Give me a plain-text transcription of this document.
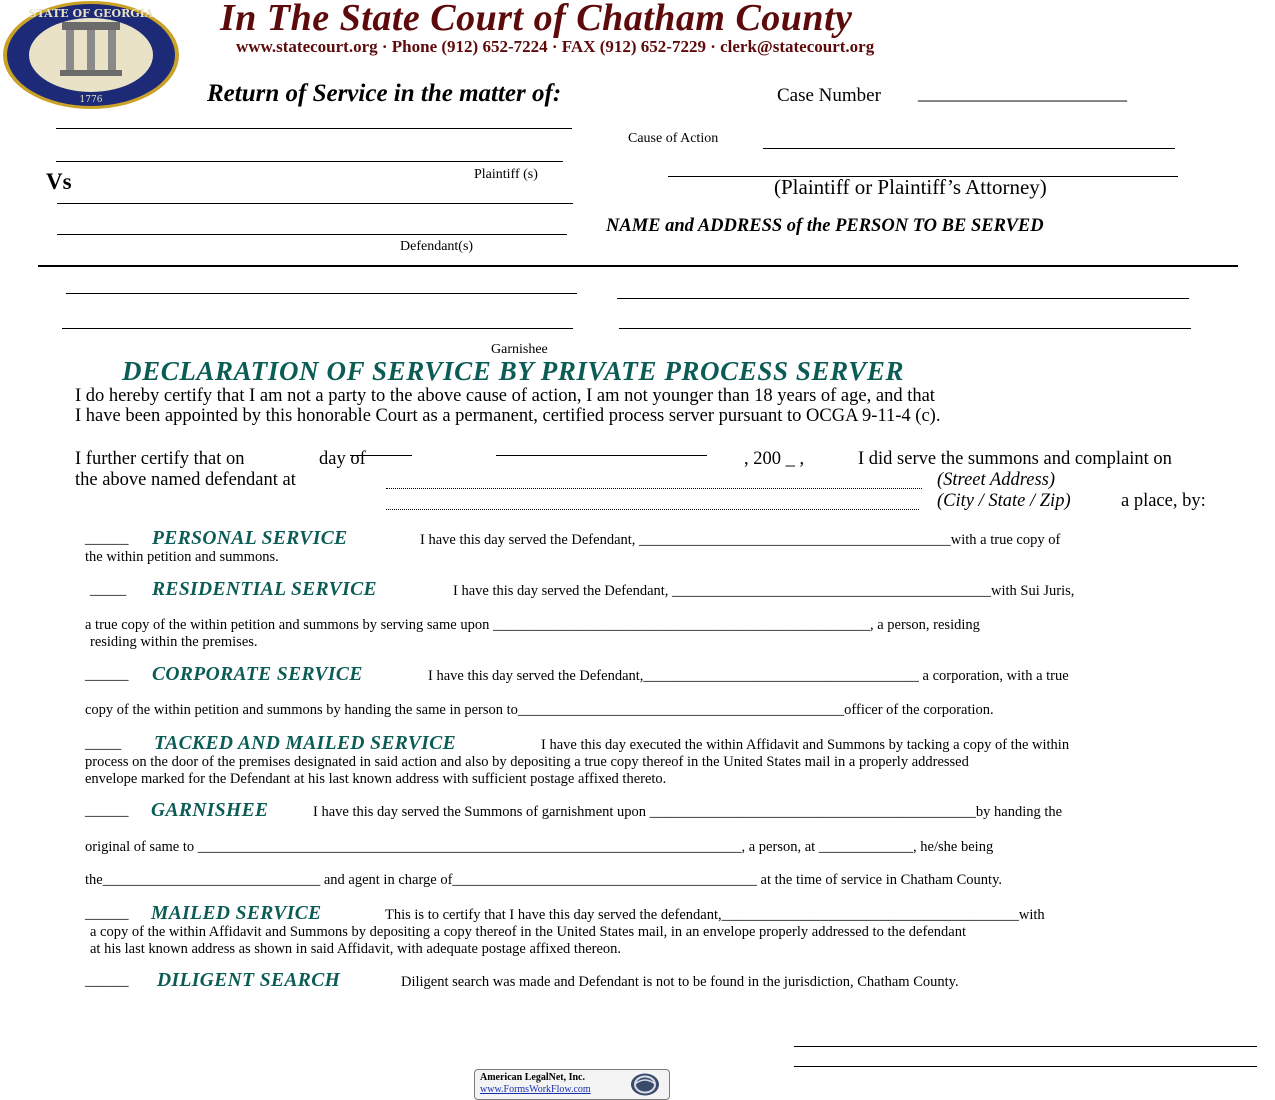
STATE OF GEORGIA
1776
In The State Court of Chatham County
www.statecourt.org · Phone (912) 652-7224 · FAX (912) 652-7229 · clerk@statecourt.org
Return of Service in the matter of:	Case Number ______________________
Plaintiff (s)
Vs
Defendant(s)
Cause of Action
(Plaintiff or Plaintiff’s Attorney)
NAME and ADDRESS of the PERSON TO BE SERVED
Garnishee
DECLARATION OF SERVICE BY PRIVATE PROCESS SERVER
I do hereby certify that I am not a party to the above cause of action, I am not younger than 18 years of age, and that
I have been appointed by this honorable Court as a permanent, certified process server pursuant to OCGA 9-11-4 (c).
I further certify that on	day of	, 200 _ ,	I did serve the summons and complaint on
the above named defendant at	(Street Address)
(City / State / Zip)	a place, by:
______ PERSONAL SERVICE	I have this day served the Defendant, ___________________________________________with a true copy of
the within petition and summons.
_____ RESIDENTIAL SERVICE	I have this day served the Defendant, ____________________________________________with Sui Juris,
a true copy of the within petition and summons by serving same upon ____________________________________________________, a person, residing
residing within the premises.
______ CORPORATE SERVICE	I have this day served the Defendant,______________________________________ a corporation, with a true
copy of the within petition and summons by handing the same in person to_____________________________________________officer of the corporation.
_____ TACKED AND MAILED SERVICE	I have this day executed the within Affidavit and Summons by tacking a copy of the within
process on the door of the premises designated in said action and also by depositing a true copy thereof in the United States mail in a properly addressed
envelope marked for the Defendant at his last known address with sufficient postage affixed thereto.
______ GARNISHEE	I have this day served the Summons of garnishment upon _____________________________________________by handing the
original of same to ___________________________________________________________________________, a person, at _____________, he/she being
the______________________________ and agent in charge of__________________________________________ at the time of service in Chatham County.
______ MAILED SERVICE	This is to certify that I have this day served the defendant,_________________________________________with
a copy of the within Affidavit and Summons by depositing a copy thereof in the United States mail, in an envelope properly addressed to the defendant
at his last known address as shown in said Affidavit, with adequate postage affixed thereon.
______ DILIGENT SEARCH	Diligent search was made and Defendant is not to be found in the jurisdiction, Chatham County.
American LegalNet, Inc.
www.FormsWorkFlow.com
